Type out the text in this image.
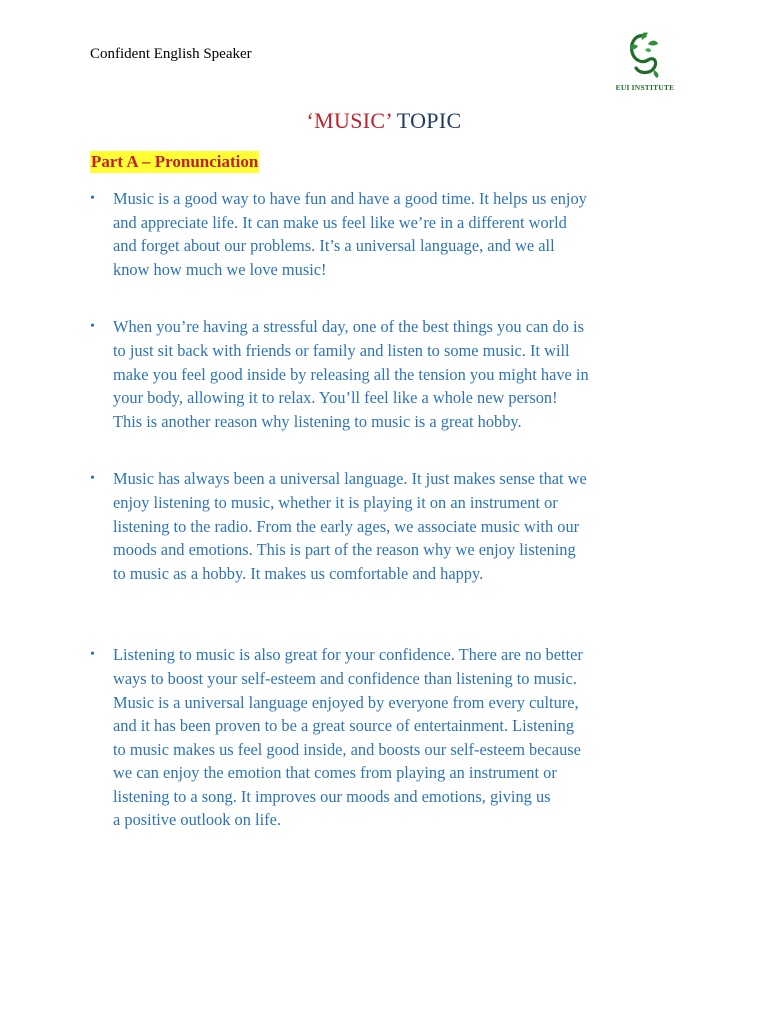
Confident English Speaker
EUI INSTITUTE
‘MUSIC’ TOPIC
Part A – Pronunciation
• Music is a good way to have fun and have a good time. It helps us enjoy
and appreciate life. It can make us feel like we’re in a different world
and forget about our problems. It’s a universal language, and we all
know how much we love music!
• When you’re having a stressful day, one of the best things you can do is
to just sit back with friends or family and listen to some music. It will
make you feel good inside by releasing all the tension you might have in
your body, allowing it to relax. You’ll feel like a whole new person!
This is another reason why listening to music is a great hobby.
• Music has always been a universal language. It just makes sense that we
enjoy listening to music, whether it is playing it on an instrument or
listening to the radio. From the early ages, we associate music with our
moods and emotions. This is part of the reason why we enjoy listening
to music as a hobby. It makes us comfortable and happy.
• Listening to music is also great for your confidence. There are no better
ways to boost your self-esteem and confidence than listening to music.
Music is a universal language enjoyed by everyone from every culture,
and it has been proven to be a great source of entertainment. Listening
to music makes us feel good inside, and boosts our self-esteem because
we can enjoy the emotion that comes from playing an instrument or
listening to a song. It improves our moods and emotions, giving us
a positive outlook on life.
